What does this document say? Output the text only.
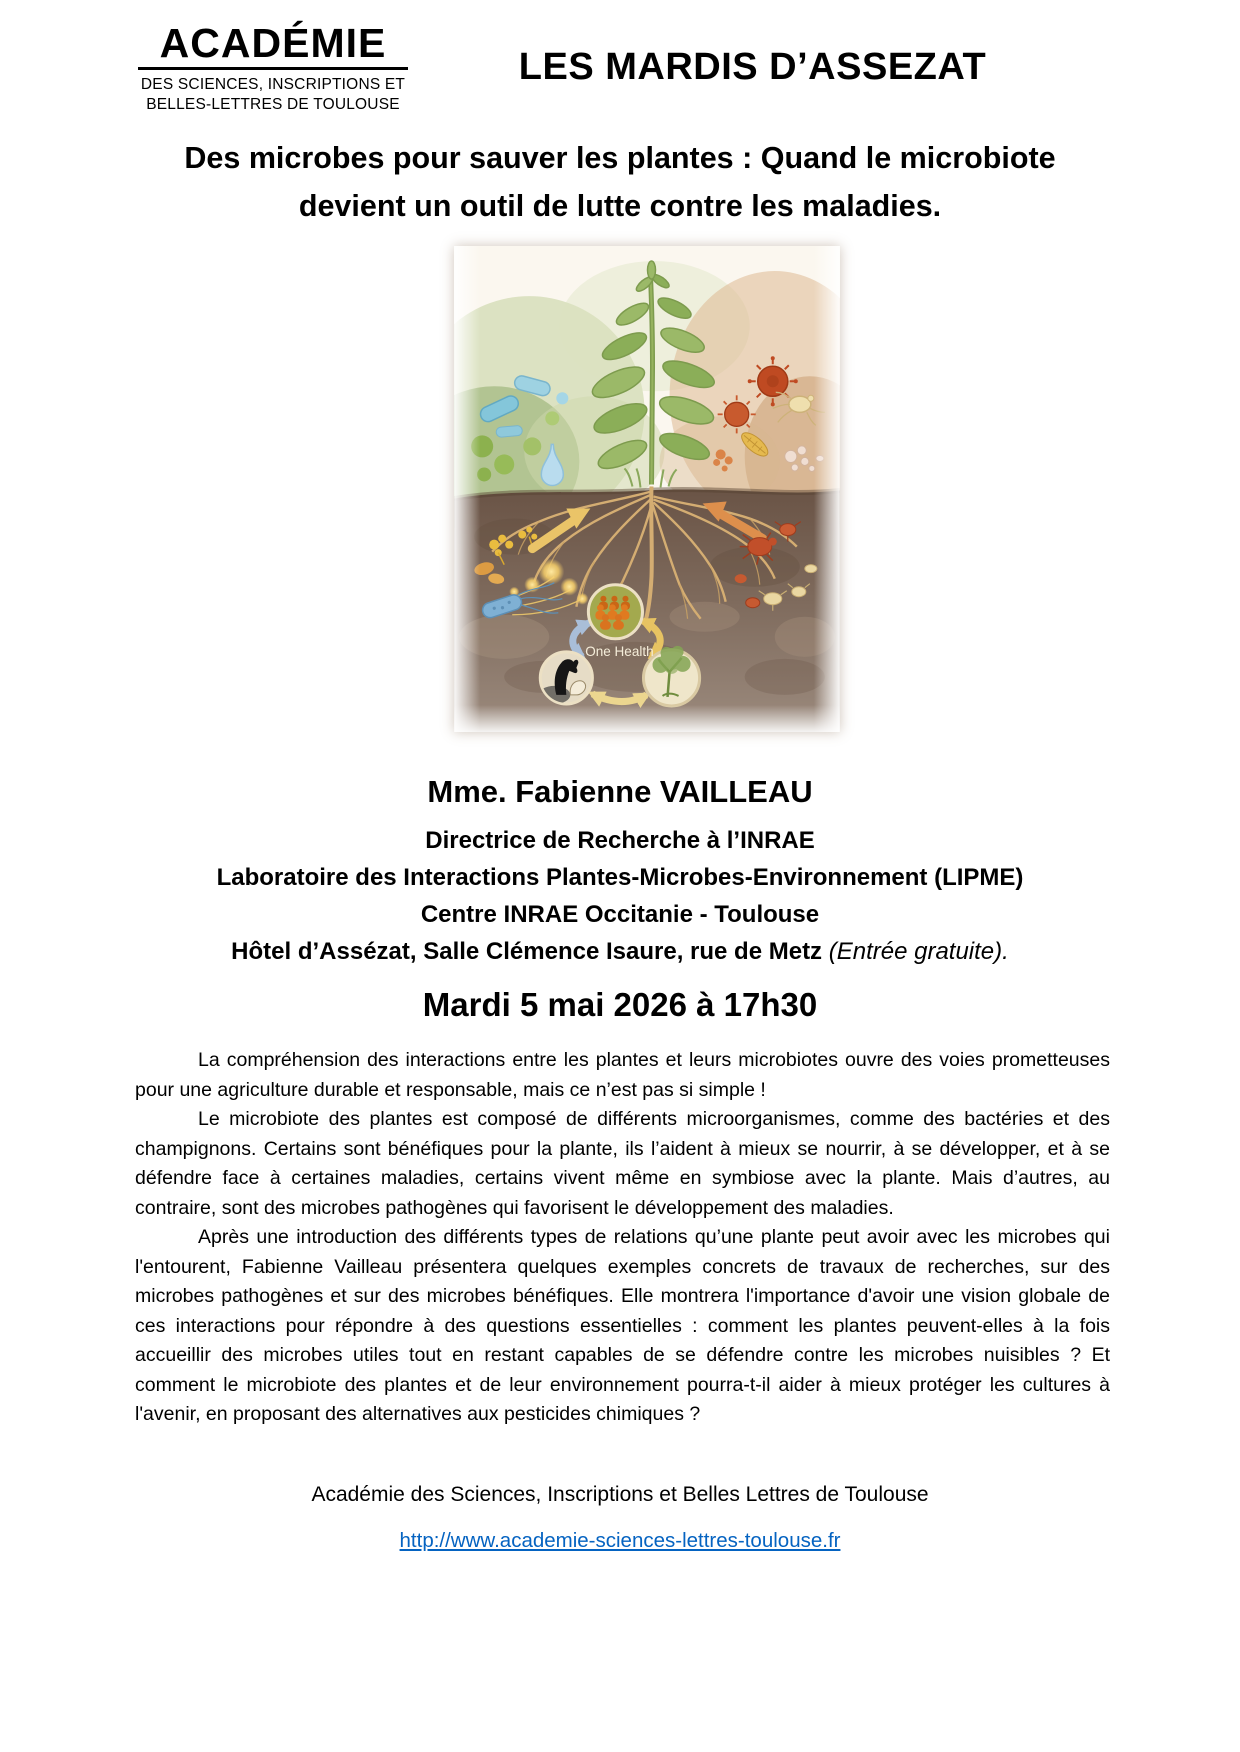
ACADÉMIE
DES SCIENCES, INSCRIPTIONS ET
BELLES-LETTRES DE TOULOUSE
LES MARDIS D’ASSEZAT
Des microbes pour sauver les plantes : Quand le microbiote
devient un outil de lutte contre les maladies.
One Health
Mme. Fabienne VAILLEAU
Directrice de Recherche à l’INRAE
Laboratoire des Interactions Plantes-Microbes-Environnement (LIPME)
Centre INRAE Occitanie - Toulouse
Hôtel d’Assézat, Salle Clémence Isaure, rue de Metz (Entrée gratuite).
Mardi 5 mai 2026 à 17h30

La compréhension des interactions entre les plantes et leurs microbiotes ouvre des voies prometteuses pour une agriculture durable et responsable, mais ce n’est pas si simple !

Le microbiote des plantes est composé de différents microorganismes, comme des bactéries et des champignons. Certains sont bénéfiques pour la plante, ils l’aident à mieux se nourrir, à se développer, et à se défendre face à certaines maladies, certains vivent même en symbiose avec la plante. Mais d’autres, au contraire, sont des microbes pathogènes qui favorisent le développement des maladies.

Après une introduction des différents types de relations qu’une plante peut avoir avec les microbes qui l'entourent, Fabienne Vailleau présentera quelques exemples concrets de travaux de recherches, sur des microbes pathogènes et sur des microbes bénéfiques. Elle montrera l'importance d'avoir une vision globale de ces interactions pour répondre à des questions essentielles : comment les plantes peuvent-elles à la fois accueillir des microbes utiles tout en restant capables de se défendre contre les microbes nuisibles ? Et comment le microbiote des plantes et de leur environnement pourra-t-il aider à mieux protéger les cultures à l'avenir, en proposant des alternatives aux pesticides chimiques ?

Académie des Sciences, Inscriptions et Belles Lettres de Toulouse

http://www.academie-sciences-lettres-toulouse.fr
